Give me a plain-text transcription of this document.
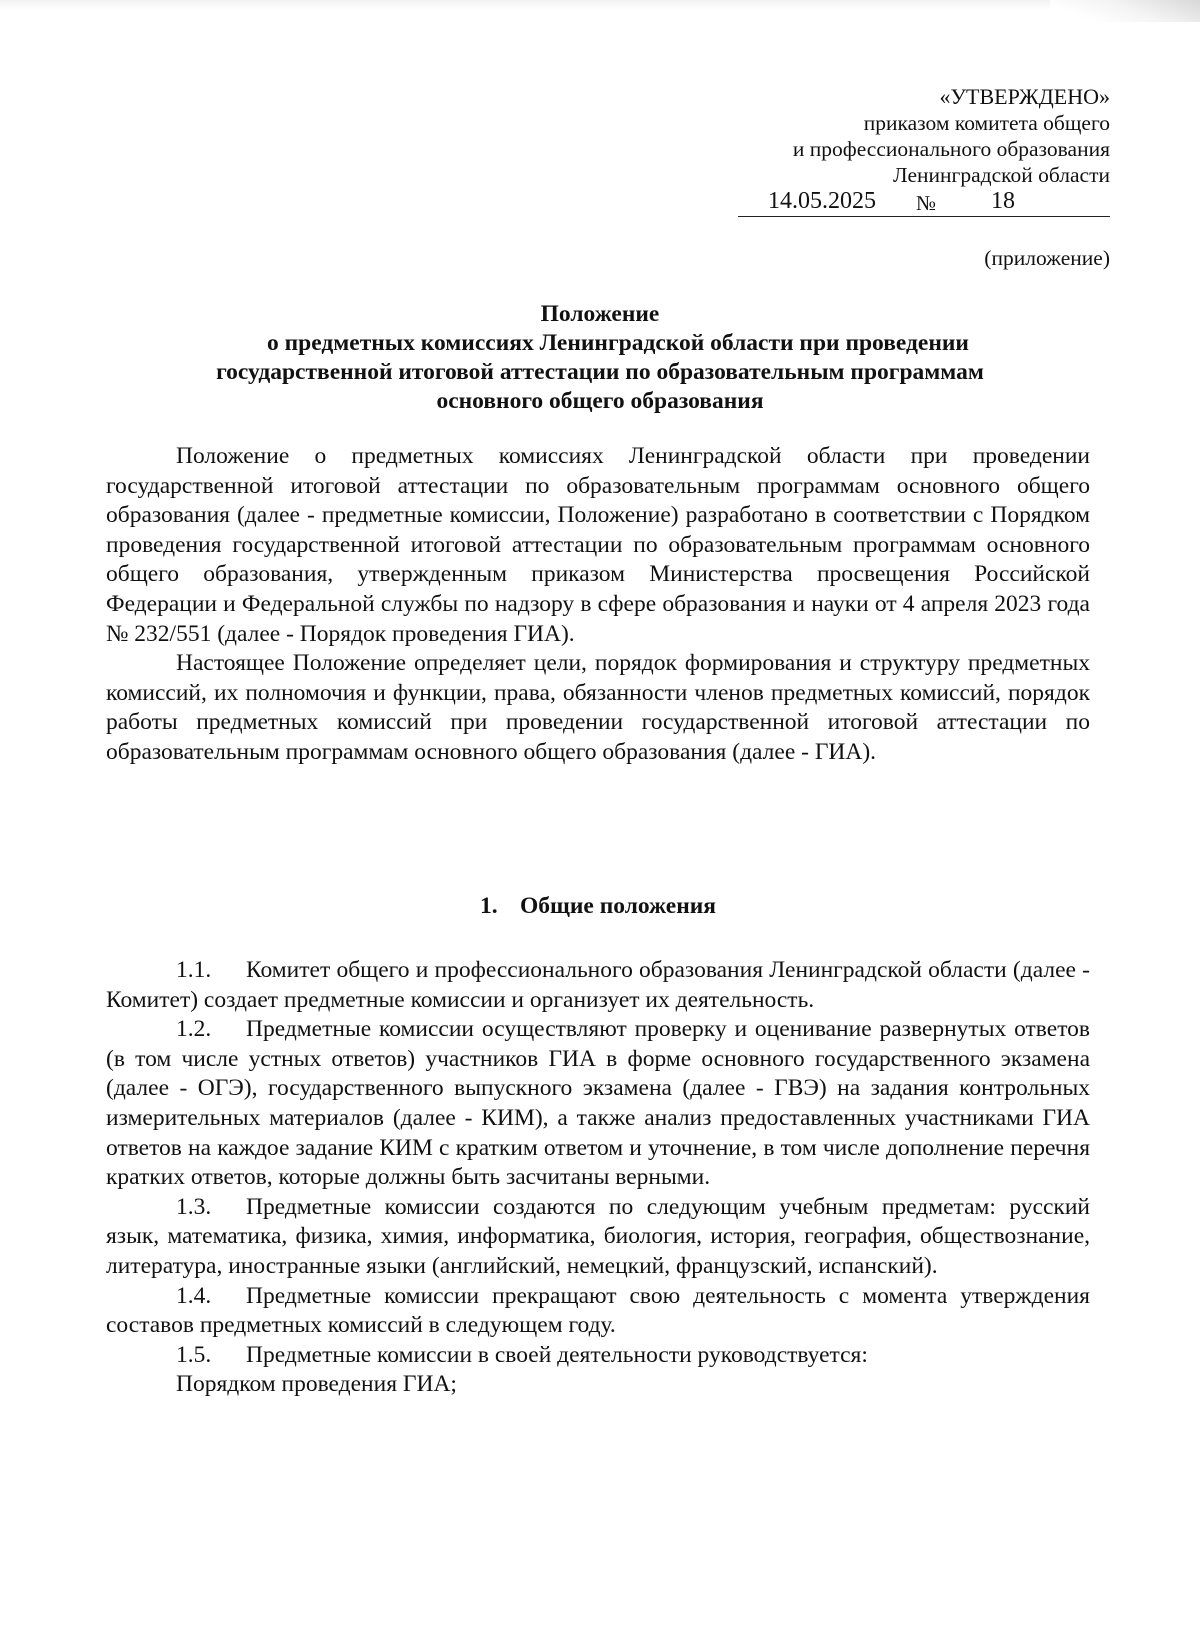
«УТВЕРЖДЕНО»
приказом комитета общего
и профессионального образования
Ленинградской области
14.05.2025 № 18
(приложение)
Положение
о предметных комиссиях Ленинградской области при проведении
государственной итоговой аттестации по образовательным программам
основного общего образования

Положение о предметных комиссиях Ленинградской области при проведении государственной итоговой аттестации по образовательным программам основного общего образования (далее - предметные комиссии, Положение) разработано в соответствии с Порядком проведения государственной итоговой аттестации по образовательным программам основного общего образования, утвержденным приказом Министерства просвещения Российской Федерации и Федеральной службы по надзору в сфере образования и науки от 4 апреля 2023 года № 232/551 (далее - Порядок проведения ГИА).

Настоящее Положение определяет цели, порядок формирования и структуру предметных комиссий, их полномочия и функции, права, обязанности членов предметных комиссий, порядок работы предметных комиссий при проведении государственной итоговой аттестации по образовательным программам основного общего образования (далее - ГИА).

1. Общие положения

1.1. Комитет общего и профессионального образования Ленинградской области (далее - Комитет) создает предметные комиссии и организует их деятельность.

1.2. Предметные комиссии осуществляют проверку и оценивание развернутых ответов (в том числе устных ответов) участников ГИА в форме основного государственного экзамена (далее - ОГЭ), государственного выпускного экзамена (далее - ГВЭ) на задания контрольных измерительных материалов (далее - КИМ), а также анализ предоставленных участниками ГИА ответов на каждое задание КИМ с кратким ответом и уточнение, в том числе дополнение перечня кратких ответов, которые должны быть засчитаны верными.

1.3. Предметные комиссии создаются по следующим учебным предметам: русский язык, математика, физика, химия, информатика, биология, история, география, обществознание, литература, иностранные языки (английский, немецкий, французский, испанский).

1.4. Предметные комиссии прекращают свою деятельность с момента утверждения составов предметных комиссий в следующем году.

1.5. Предметные комиссии в своей деятельности руководствуется:

Порядком проведения ГИА;
